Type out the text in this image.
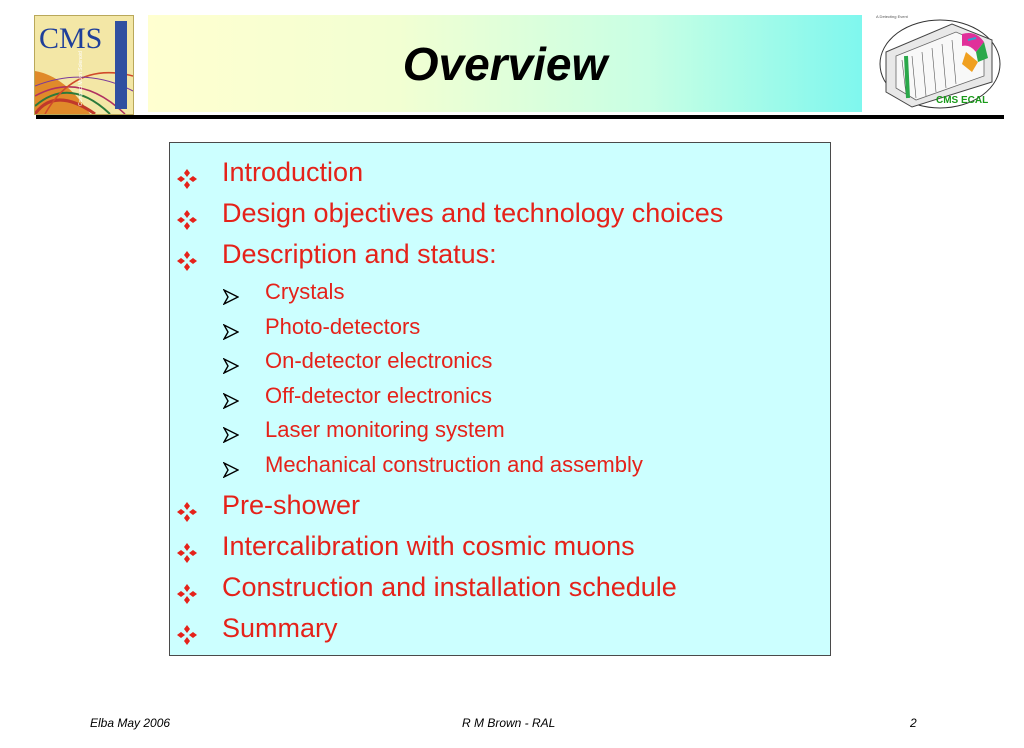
CMS
Compact Muon Solenoid	Overview
A Detecting Event
CMS ECAL
Introduction
Design objectives and technology choices
Description and status:
Crystals
Photo-detectors
On-detector electronics
Off-detector electronics
Laser monitoring system
Mechanical construction and assembly
Pre-shower
Intercalibration with cosmic muons
Construction and installation schedule
Summary
Elba May 2006	R M Brown - RAL	2
